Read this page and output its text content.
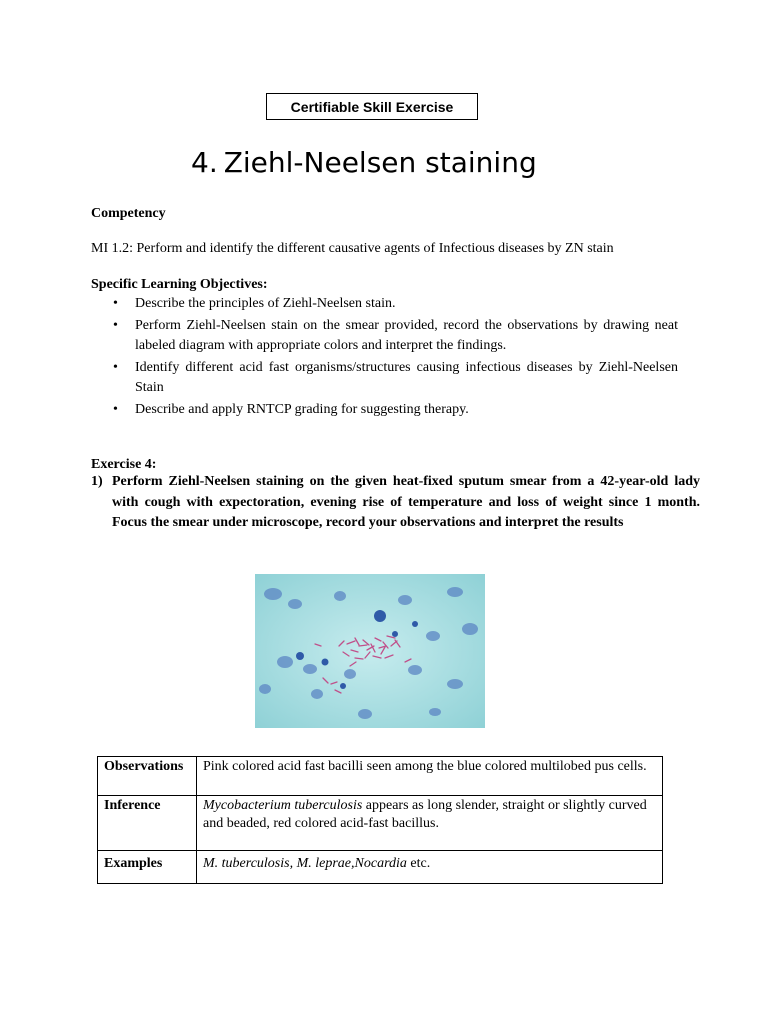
Certifiable Skill Exercise
4. Ziehl-Neelsen staining
Competency
MI 1.2: Perform and identify the different causative agents of Infectious diseases by ZN stain
Specific Learning Objectives:
• Describe the principles of Ziehl-Neelsen stain.
• Perform Ziehl-Neelsen stain on the smear provided, record the observations by drawing neat labeled diagram with appropriate colors and interpret the findings.
• Identify different acid fast organisms/structures causing infectious diseases by Ziehl-Neelsen Stain
• Describe and apply RNTCP grading for suggesting therapy.
Exercise 4:
1) Perform Ziehl-Neelsen staining on the given heat-fixed sputum smear from a 42-year-old lady with cough with expectoration, evening rise of temperature and loss of weight since 1 month. Focus the smear under microscope, record your observations and interpret the results
Observations	Pink colored acid fast bacilli seen among the blue colored multilobed pus cells.
Inference	Mycobacterium tuberculosis appears as long slender, straight or slightly curved and beaded, red colored acid-fast bacillus.
Examples	M. tuberculosis, M. leprae,Nocardia etc.
